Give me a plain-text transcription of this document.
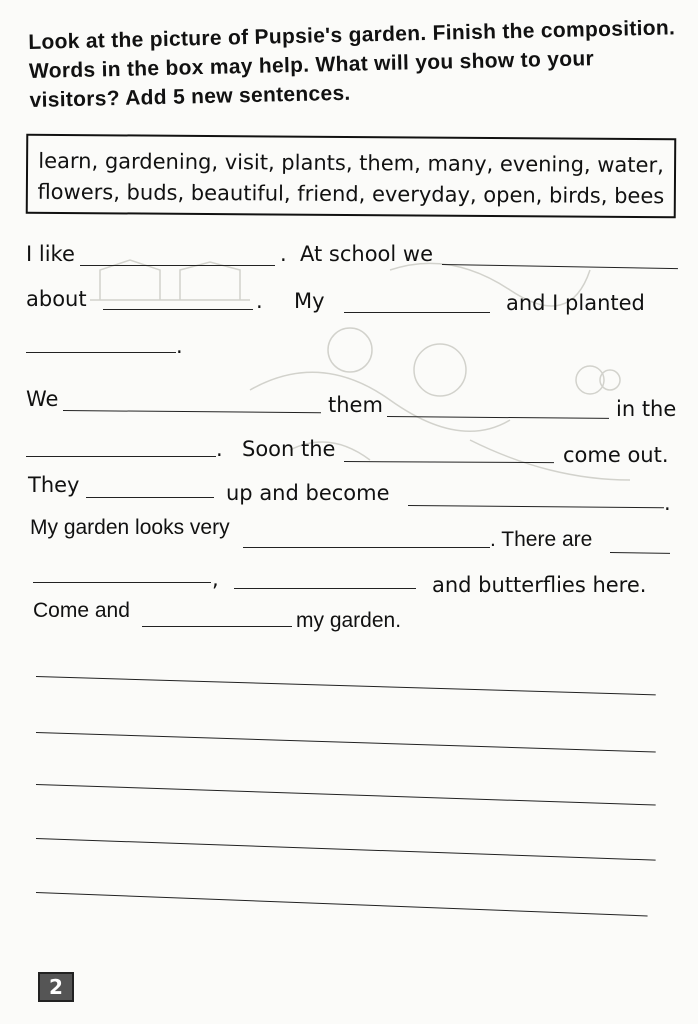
Look at the picture of Pupsie's garden. Finish the composition. Words in the box may help. What will you show to your visitors? Add 5 new sentences.
learn, gardening, visit, plants, them, many, evening, water,
flowers, buds, beautiful, friend, everyday, open, birds, bees
I like	. At school we
about	. My	and I planted
.
We	them	in the
. Soon the	come out.
They	up and become	.
My garden looks very
. There are
,	and butterflies here.
Come and	my garden.
2
